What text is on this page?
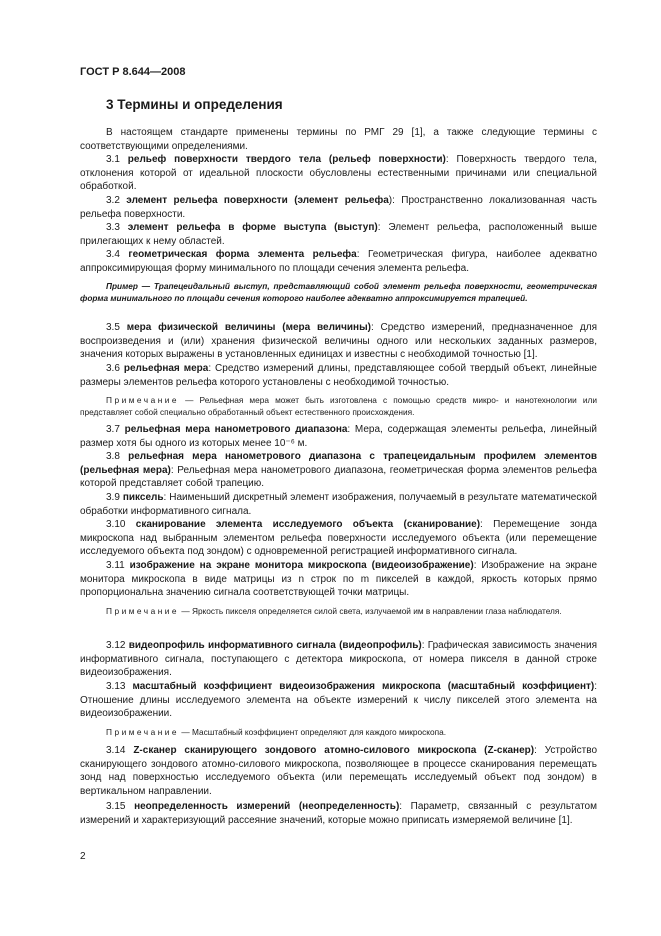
ГОСТ Р 8.644—2008
3 Термины и определения
В настоящем стандарте применены термины по РМГ 29 [1], а также следующие термины с соответствующими определениями.
3.1 рельеф поверхности твердого тела (рельеф поверхности): Поверхность твердого тела, отклонения которой от идеальной плоскости обусловлены естественными причинами или специальной обработкой.
3.2 элемент рельефа поверхности (элемент рельефа): Пространственно локализованная часть рельефа поверхности.
3.3 элемент рельефа в форме выступа (выступ): Элемент рельефа, расположенный выше прилегающих к нему областей.
3.4 геометрическая форма элемента рельефа: Геометрическая фигура, наиболее адекватно аппроксимирующая форму минимального по площади сечения элемента рельефа.
Пример — Трапецеидальный выступ, представляющий собой элемент рельефа поверхности, геометрическая форма минимального по площади сечения которого наиболее адекватно аппроксимируется трапецией.
3.5 мера физической величины (мера величины): Средство измерений, предназначенное для воспроизведения и (или) хранения физической величины одного или нескольких заданных размеров, значения которых выражены в установленных единицах и известны с необходимой точностью [1].
3.6 рельефная мера: Средство измерений длины, представляющее собой твердый объект, линейные размеры элементов рельефа которого установлены с необходимой точностью.
Примечание — Рельефная мера может быть изготовлена с помощью средств микро- и нанотехнологии или представляет собой специально обработанный объект естественного происхождения.
3.7 рельефная мера нанометрового диапазона: Мера, содержащая элементы рельефа, линейный размер хотя бы одного из которых менее 10⁻⁶ м.
3.8 рельефная мера нанометрового диапазона с трапецеидальным профилем элементов (рельефная мера): Рельефная мера нанометрового диапазона, геометрическая форма элементов рельефа которой представляет собой трапецию.
3.9 пиксель: Наименьший дискретный элемент изображения, получаемый в результате математической обработки информативного сигнала.
3.10 сканирование элемента исследуемого объекта (сканирование): Перемещение зонда микроскопа над выбранным элементом рельефа поверхности исследуемого объекта (или перемещение исследуемого объекта под зондом) с одновременной регистрацией информативного сигнала.
3.11 изображение на экране монитора микроскопа (видеоизображение): Изображение на экране монитора микроскопа в виде матрицы из n строк по m пикселей в каждой, яркость которых прямо пропорциональна значению сигнала соответствующей точки матрицы.
Примечание — Яркость пикселя определяется силой света, излучаемой им в направлении глаза наблюдателя.
3.12 видеопрофиль информативного сигнала (видеопрофиль): Графическая зависимость значения информативного сигнала, поступающего с детектора микроскопа, от номера пикселя в данной строке видеоизображения.
3.13 масштабный коэффициент видеоизображения микроскопа (масштабный коэффициент): Отношение длины исследуемого элемента на объекте измерений к числу пикселей этого элемента на видеоизображении.
Примечание — Масштабный коэффициент определяют для каждого микроскопа.
3.14 Z-сканер сканирующего зондового атомно-силового микроскопа (Z-сканер): Устройство сканирующего зондового атомно-силового микроскопа, позволяющее в процессе сканирования перемещать зонд над поверхностью исследуемого объекта (или перемещать исследуемый объект под зондом) в вертикальном направлении.
3.15 неопределенность измерений (неопределенность): Параметр, связанный с результатом измерений и характеризующий рассеяние значений, которые можно приписать измеряемой величине [1].
2
